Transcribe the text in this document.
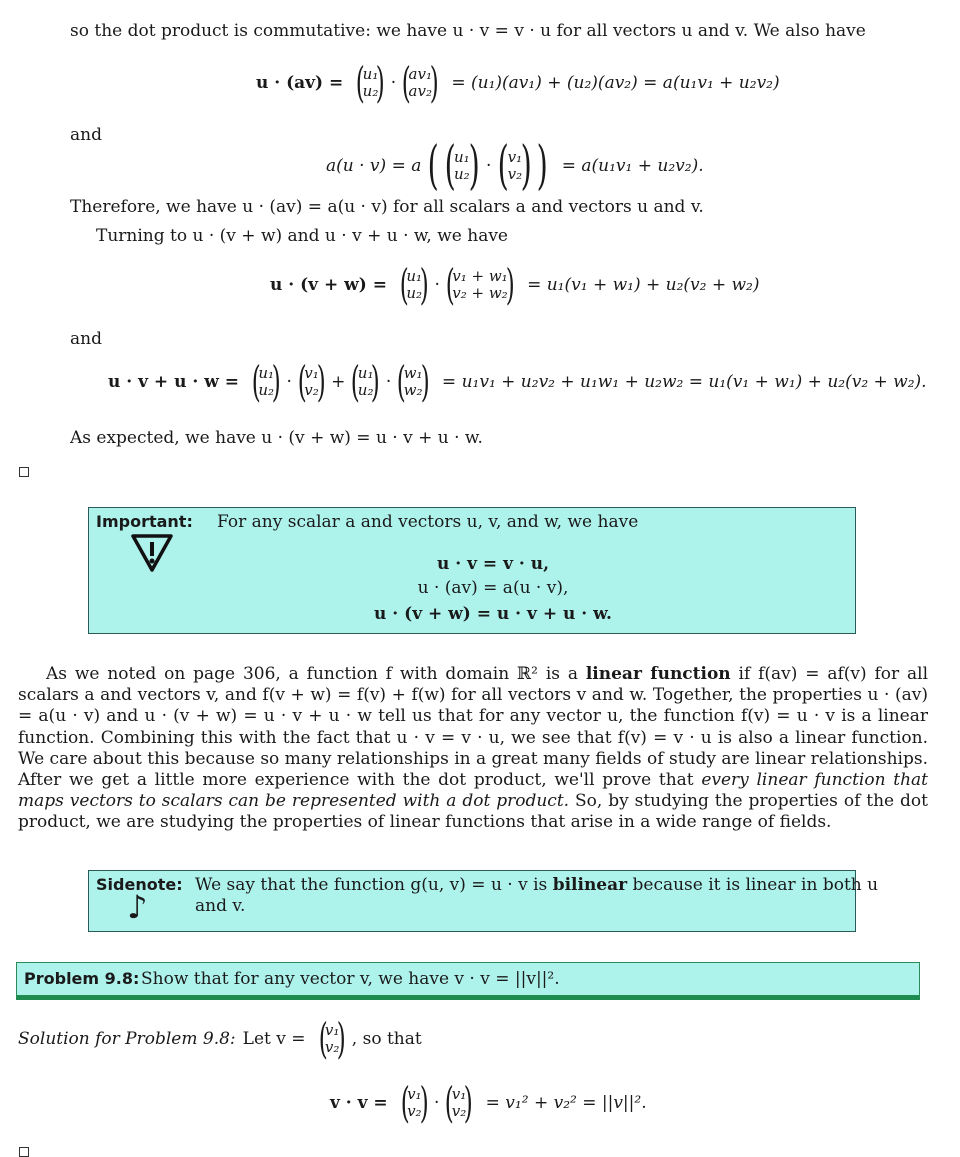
so the dot product is commutative: we have u · v = v · u for all vectors u and v. We also have
u · (av) = (
u₁
u₂
) · (
av₁
av₂
) = (u₁)(av₁) + (u₂)(av₂) = a(u₁v₁ + u₂v₂)
and
a(u · v) = a ( (
u₁
u₂
) · (
v₁
v₂
) ) = a(u₁v₁ + u₂v₂).
Therefore, we have u · (av) = a(u · v) for all scalars a and vectors u and v.
Turning to u · (v + w) and u · v + u · w, we have
u · (v + w) = (
u₁
u₂
) · (
v₁ + w₁
v₂ + w₂
) = u₁(v₁ + w₁) + u₂(v₂ + w₂)
and
u · v + u · w = (
u₁
u₂
) · (
v₁
v₂
) + (
u₁
u₂
) · (
w₁
w₂
) = u₁v₁ + u₂v₂ + u₁w₁ + u₂w₂ = u₁(v₁ + w₁) + u₂(v₂ + w₂).
As expected, we have u · (v + w) = u · v + u · w.
Important: For any scalar a and vectors u, v, and w, we have
u · v = v · u,
u · (av) = a(u · v),
u · (v + w) = u · v + u · w.
As we noted on page 306, a function f with domain ℝ² is a linear function if f(av) = af(v) for all scalars a and vectors v, and f(v + w) = f(v) + f(w) for all vectors v and w. Together, the properties u · (av) = a(u · v) and u · (v + w) = u · v + u · w tell us that for any vector u, the function f(v) = u · v is a linear function. Combining this with the fact that u · v = v · u, we see that f(v) = v · u is also a linear function. We care about this because so many relationships in a great many fields of study are linear relationships. After we get a little more experience with the dot product, we'll prove that every linear function that maps vectors to scalars can be represented with a dot product. So, by studying the properties of the dot product, we are studying the properties of linear functions that arise in a wide range of fields.
Sidenote: We say that the function g(u, v) = u · v is bilinear because it is linear in both u
and v.
♪
Problem 9.8: Show that for any vector v, we have v · v = ||v||².
Solution for Problem 9.8: Let v = (
v₁
v₂
) , so that
v · v = (
v₁
v₂
) · (
v₁
v₂
) = v₁² + v₂² = ||v||².
